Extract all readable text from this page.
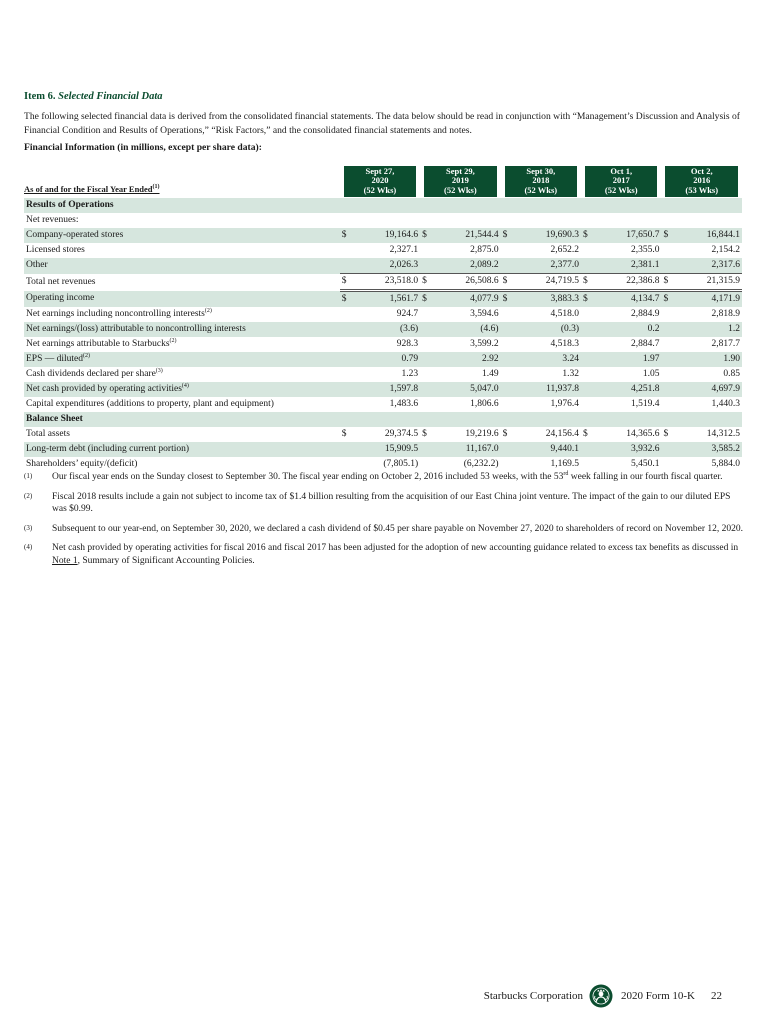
Item 6. Selected Financial Data

The following selected financial data is derived from the consolidated financial statements. The data below should be read in conjunction with “Management’s Discussion and Analysis of Financial Condition and Results of Operations,” “Risk Factors,” and the consolidated financial statements and notes.

Financial Information (in millions, except per share data):
As of and for the Fiscal Year Ended$^{(1)}$	Sept 27,
2020
(52 Wks)		Sept 29,
2019
(52 Wks)		Sept 30,
2018
(52 Wks)		Oct 1,
2017
(52 Wks)		Oct 2,
2016
(53 Wks)	

Results of Operations										
Net revenues:										
Company-operated stores	$	19,164.6	$	21,544.4	$	19,690.3	$	17,650.7	$	16,844.1
Licensed stores		2,327.1		2,875.0		2,652.2		2,355.0		2,154.2
Other		2,026.3		2,089.2		2,377.0		2,381.1		2,317.6
Total net revenues	$	23,518.0	$	26,508.6	$	24,719.5	$	22,386.8	$	21,315.9
Operating income	$	1,561.7	$	4,077.9	$	3,883.3	$	4,134.7	$	4,171.9
Net earnings including noncontrolling interests$^{(2)}$		924.7		3,594.6		4,518.0		2,884.9		2,818.9
Net earnings/(loss) attributable to noncontrolling interests		(3.6)		(4.6)		(0.3)		0.2		1.2
Net earnings attributable to Starbucks$^{(2)}$		928.3		3,599.2		4,518.3		2,884.7		2,817.7
EPS — diluted$^{(2)}$		0.79		2.92		3.24		1.97		1.90
Cash dividends declared per share$^{(3)}$		1.23		1.49		1.32		1.05		0.85
Net cash provided by operating activities$^{(4)}$		1,597.8		5,047.0		11,937.8		4,251.8		4,697.9
Capital expenditures (additions to property, plant and equipment)		1,483.6		1,806.6		1,976.4		1,519.4		1,440.3
Balance Sheet										
Total assets	$	29,374.5	$	19,219.6	$	24,156.4	$	14,365.6	$	14,312.5
Long-term debt (including current portion)		15,909.5		11,167.0		9,440.1		3,932.6		3,585.2
Shareholders’ equity/(deficit)		(7,805.1)		(6,232.2)		1,169.5		5,450.1		5,884.0
(1)	Our fiscal year ends on the Sunday closest to September 30. The fiscal year ending on October 2, 2016 included 53 weeks, with the 53rd week falling in our fourth fiscal quarter.
(2)	Fiscal 2018 results include a gain not subject to income tax of $1.4 billion resulting from the acquisition of our East China joint venture. The impact of the gain to our diluted EPS was $0.99.
(3)	Subsequent to our year-end, on September 30, 2020, we declared a cash dividend of $0.45 per share payable on November 27, 2020 to shareholders of record on November 12, 2020.
(4)	Net cash provided by operating activities for fiscal 2016 and fiscal 2017 has been adjusted for the adoption of new accounting guidance related to excess tax benefits as discussed in Note 1, Summary of Significant Accounting Policies.
Starbucks Corporation	2020 Form 10-K 22
